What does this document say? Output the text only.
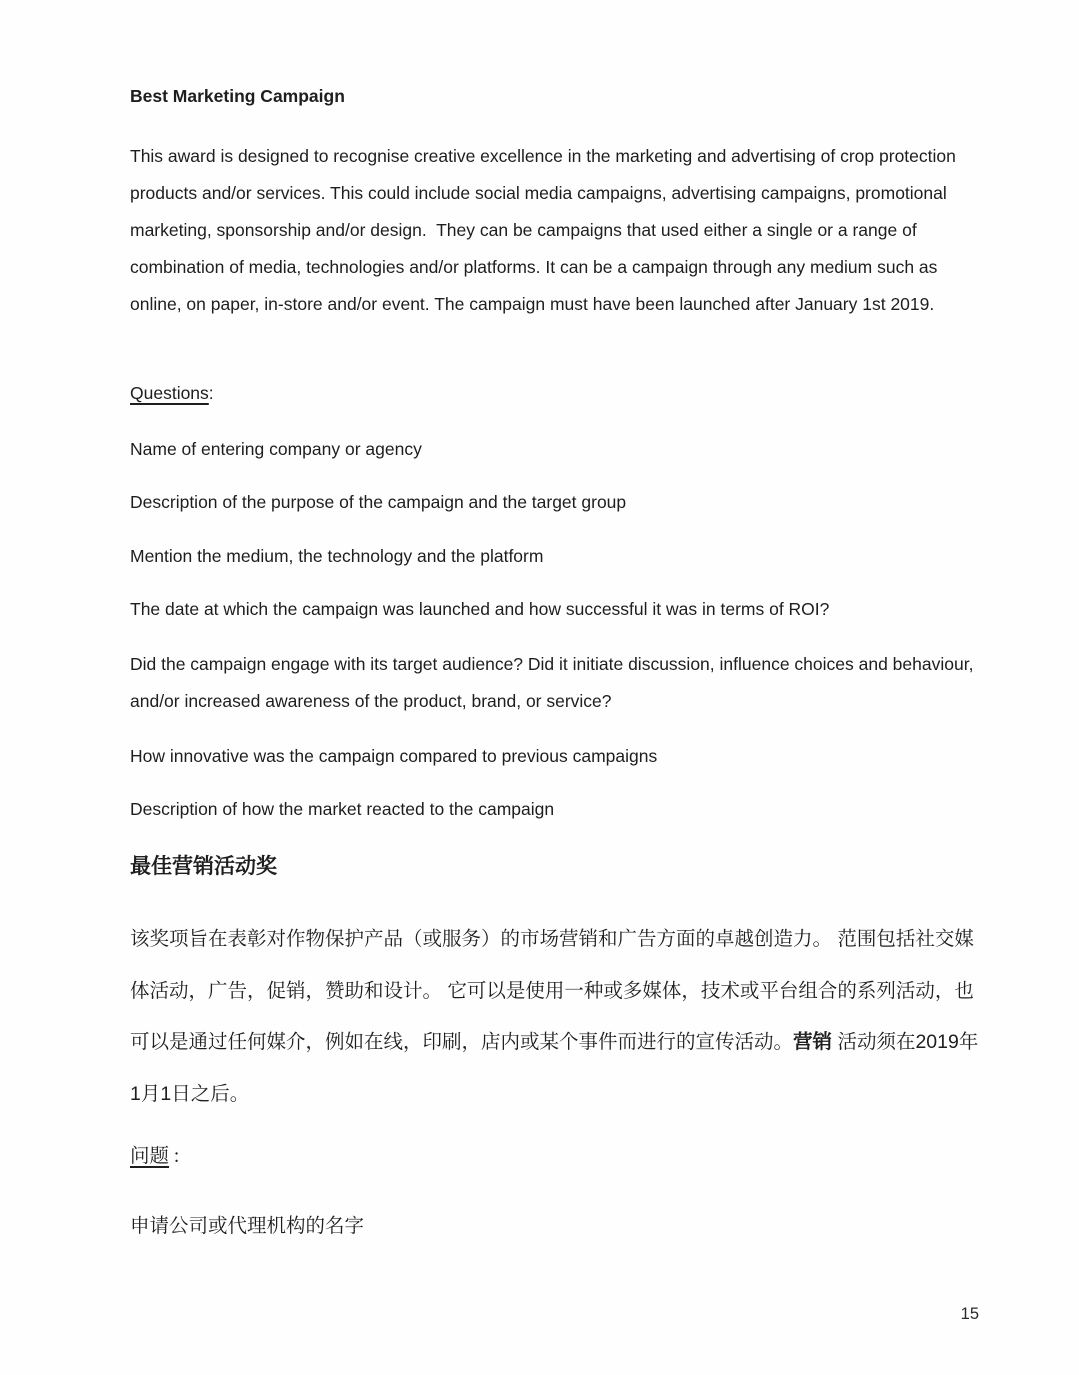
Best Marketing Campaign
This award is designed to recognise creative excellence in the marketing and advertising of crop protection products and/or services. This could include social media campaigns, advertising campaigns, promotional marketing, sponsorship and/or design.  They can be campaigns that used either a single or a range of combination of media, technologies and/or platforms. It can be a campaign through any medium such as online, on paper, in-store and/or event. The campaign must have been launched after January 1st 2019.
Questions:
Name of entering company or agency
Description of the purpose of the campaign and the target group
Mention the medium, the technology and the platform
The date at which the campaign was launched and how successful it was in terms of ROI?
Did the campaign engage with its target audience? Did it initiate discussion, influence choices and behaviour, and/or increased awareness of the product, brand, or service?
How innovative was the campaign compared to previous campaigns
Description of how the market reacted to the campaign
最佳营销活动奖
该奖项旨在表彰对作物保护产品（或服务）的市场营销和广告方面的卓越创造力。 范围包括社交媒体活动，广告，促销，赞助和设计。 它可以是使用一种或多媒体，技术或平台组合的系列活动，也可以是通过任何媒介，例如在线，印刷，店内或某个事件而进行的宣传活动。营销 活动须在2019年1月1日之后。
问题 :
申请公司或代理机构的名字
15
